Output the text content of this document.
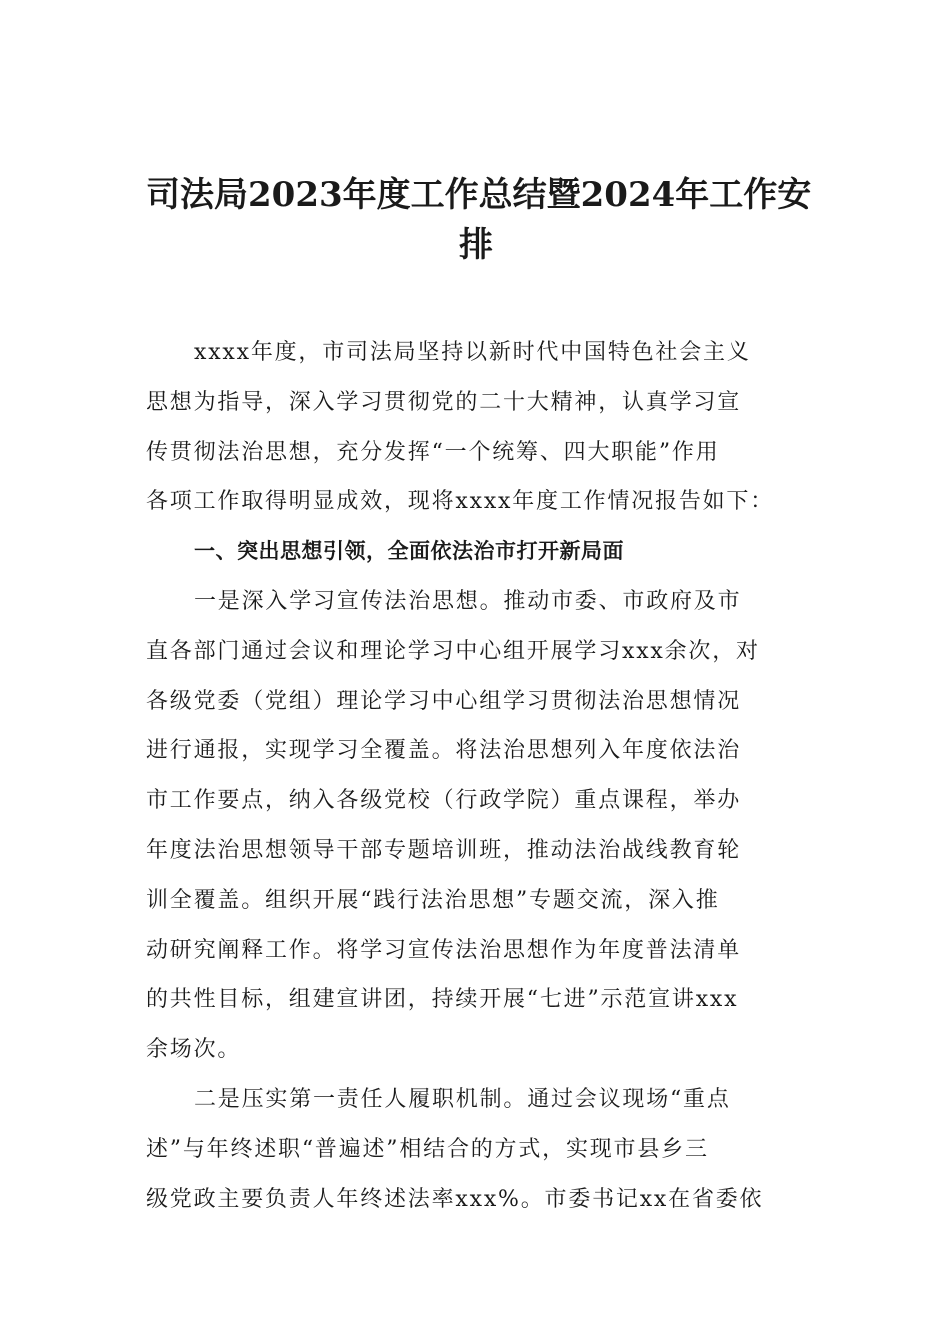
司法局2023年度工作总结暨2024年工作安
排

xxxx年度，市司法局坚持以新时代中国特色社会主义
思想为指导，深入学习贯彻党的二十大精神，认真学习宣
传贯彻法治思想，充分发挥“一个统筹、四大职能”作用
各项工作取得明显成效，现将xxxx年度工作情况报告如下：

一、突出思想引领，全面依法治市打开新局面

一是深入学习宣传法治思想。推动市委、市政府及市
直各部门通过会议和理论学习中心组开展学习xxx余次，对
各级党委（党组）理论学习中心组学习贯彻法治思想情况
进行通报，实现学习全覆盖。将法治思想列入年度依法治
市工作要点，纳入各级党校（行政学院）重点课程，举办
年度法治思想领导干部专题培训班，推动法治战线教育轮
训全覆盖。组织开展“践行法治思想”专题交流，深入推
动研究阐释工作。将学习宣传法治思想作为年度普法清单
的共性目标，组建宣讲团，持续开展“七进”示范宣讲xxx
余场次。

二是压实第一责任人履职机制。通过会议现场“重点
述”与年终述职“普遍述”相结合的方式，实现市县乡三
级党政主要负责人年终述法率xxx%。市委书记xx在省委依
